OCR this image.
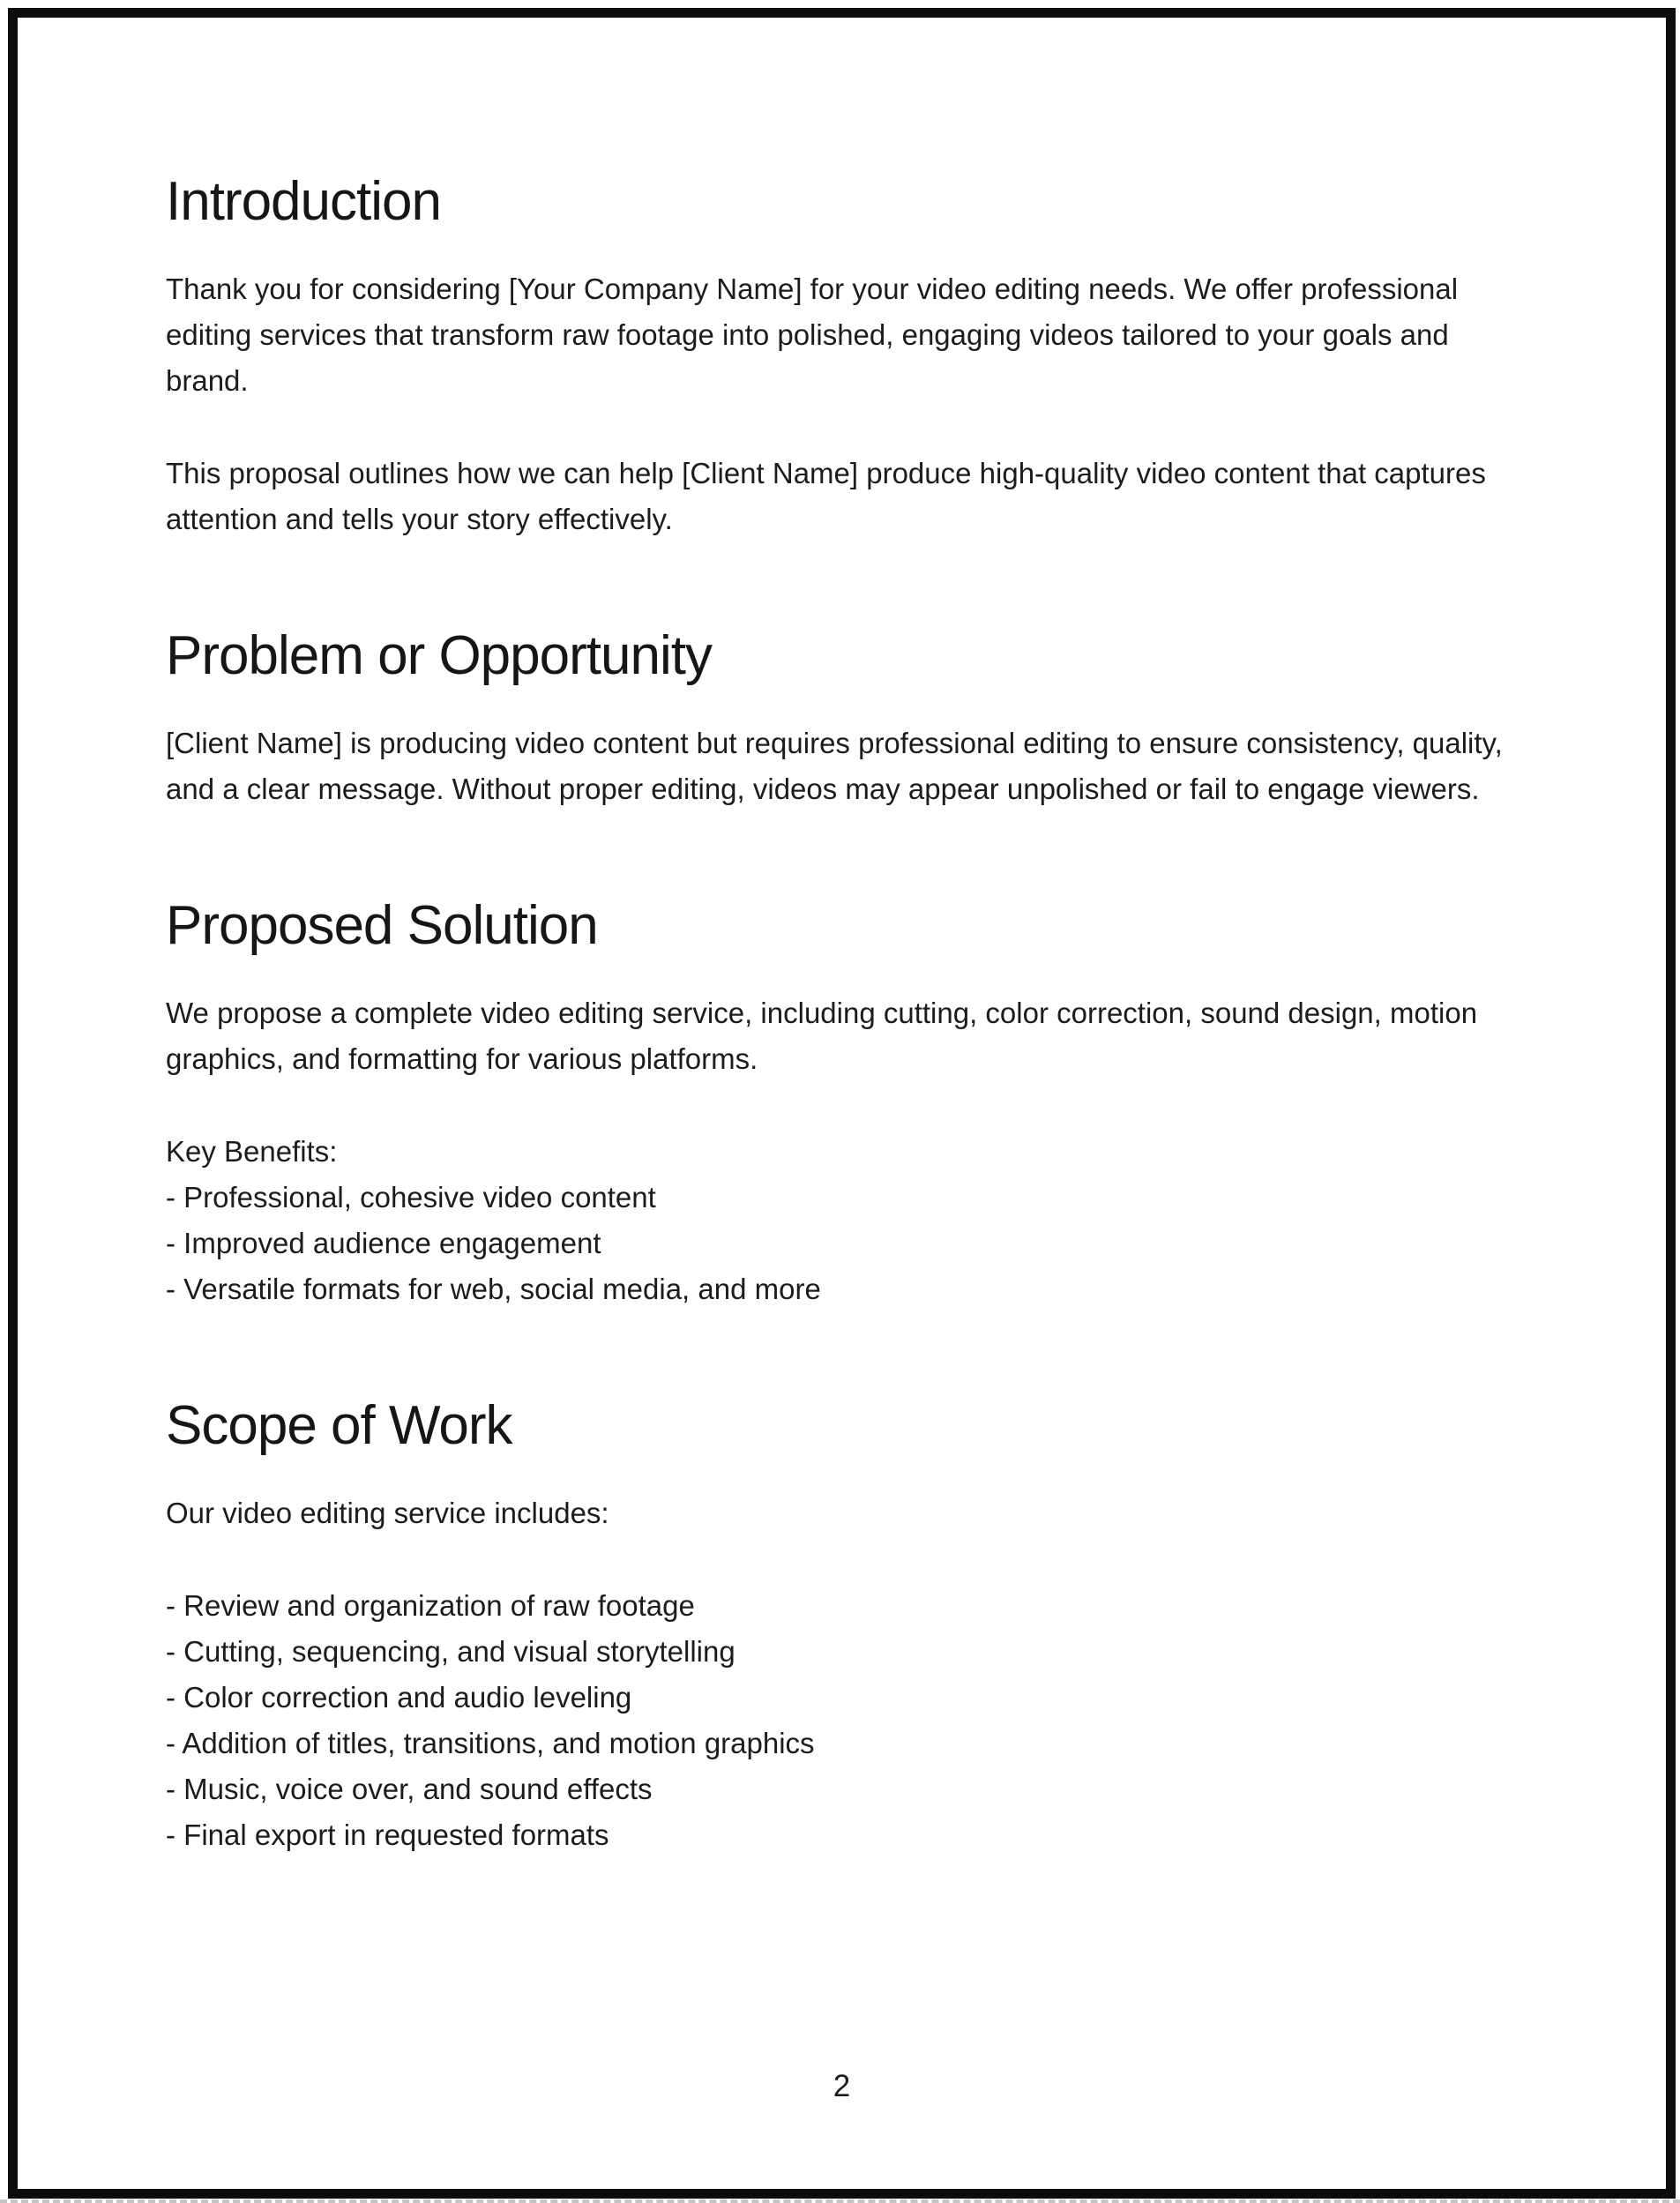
Introduction

Thank you for considering [Your Company Name] for your video editing needs. We offer professional editing services that transform raw footage into polished, engaging videos tailored to your goals and brand.

This proposal outlines how we can help [Client Name] produce high-quality video content that captures attention and tells your story effectively.

Problem or Opportunity

[Client Name] is producing video content but requires professional editing to ensure consistency, quality, and a clear message. Without proper editing, videos may appear unpolished or fail to engage viewers.

Proposed Solution

We propose a complete video editing service, including cutting, color correction, sound design, motion graphics, and formatting for various platforms.

Key Benefits:
- Professional, cohesive video content
- Improved audience engagement
- Versatile formats for web, social media, and more
Scope of Work

Our video editing service includes:

- Review and organization of raw footage
- Cutting, sequencing, and visual storytelling
- Color correction and audio leveling
- Addition of titles, transitions, and motion graphics
- Music, voice over, and sound effects
- Final export in requested formats
2
